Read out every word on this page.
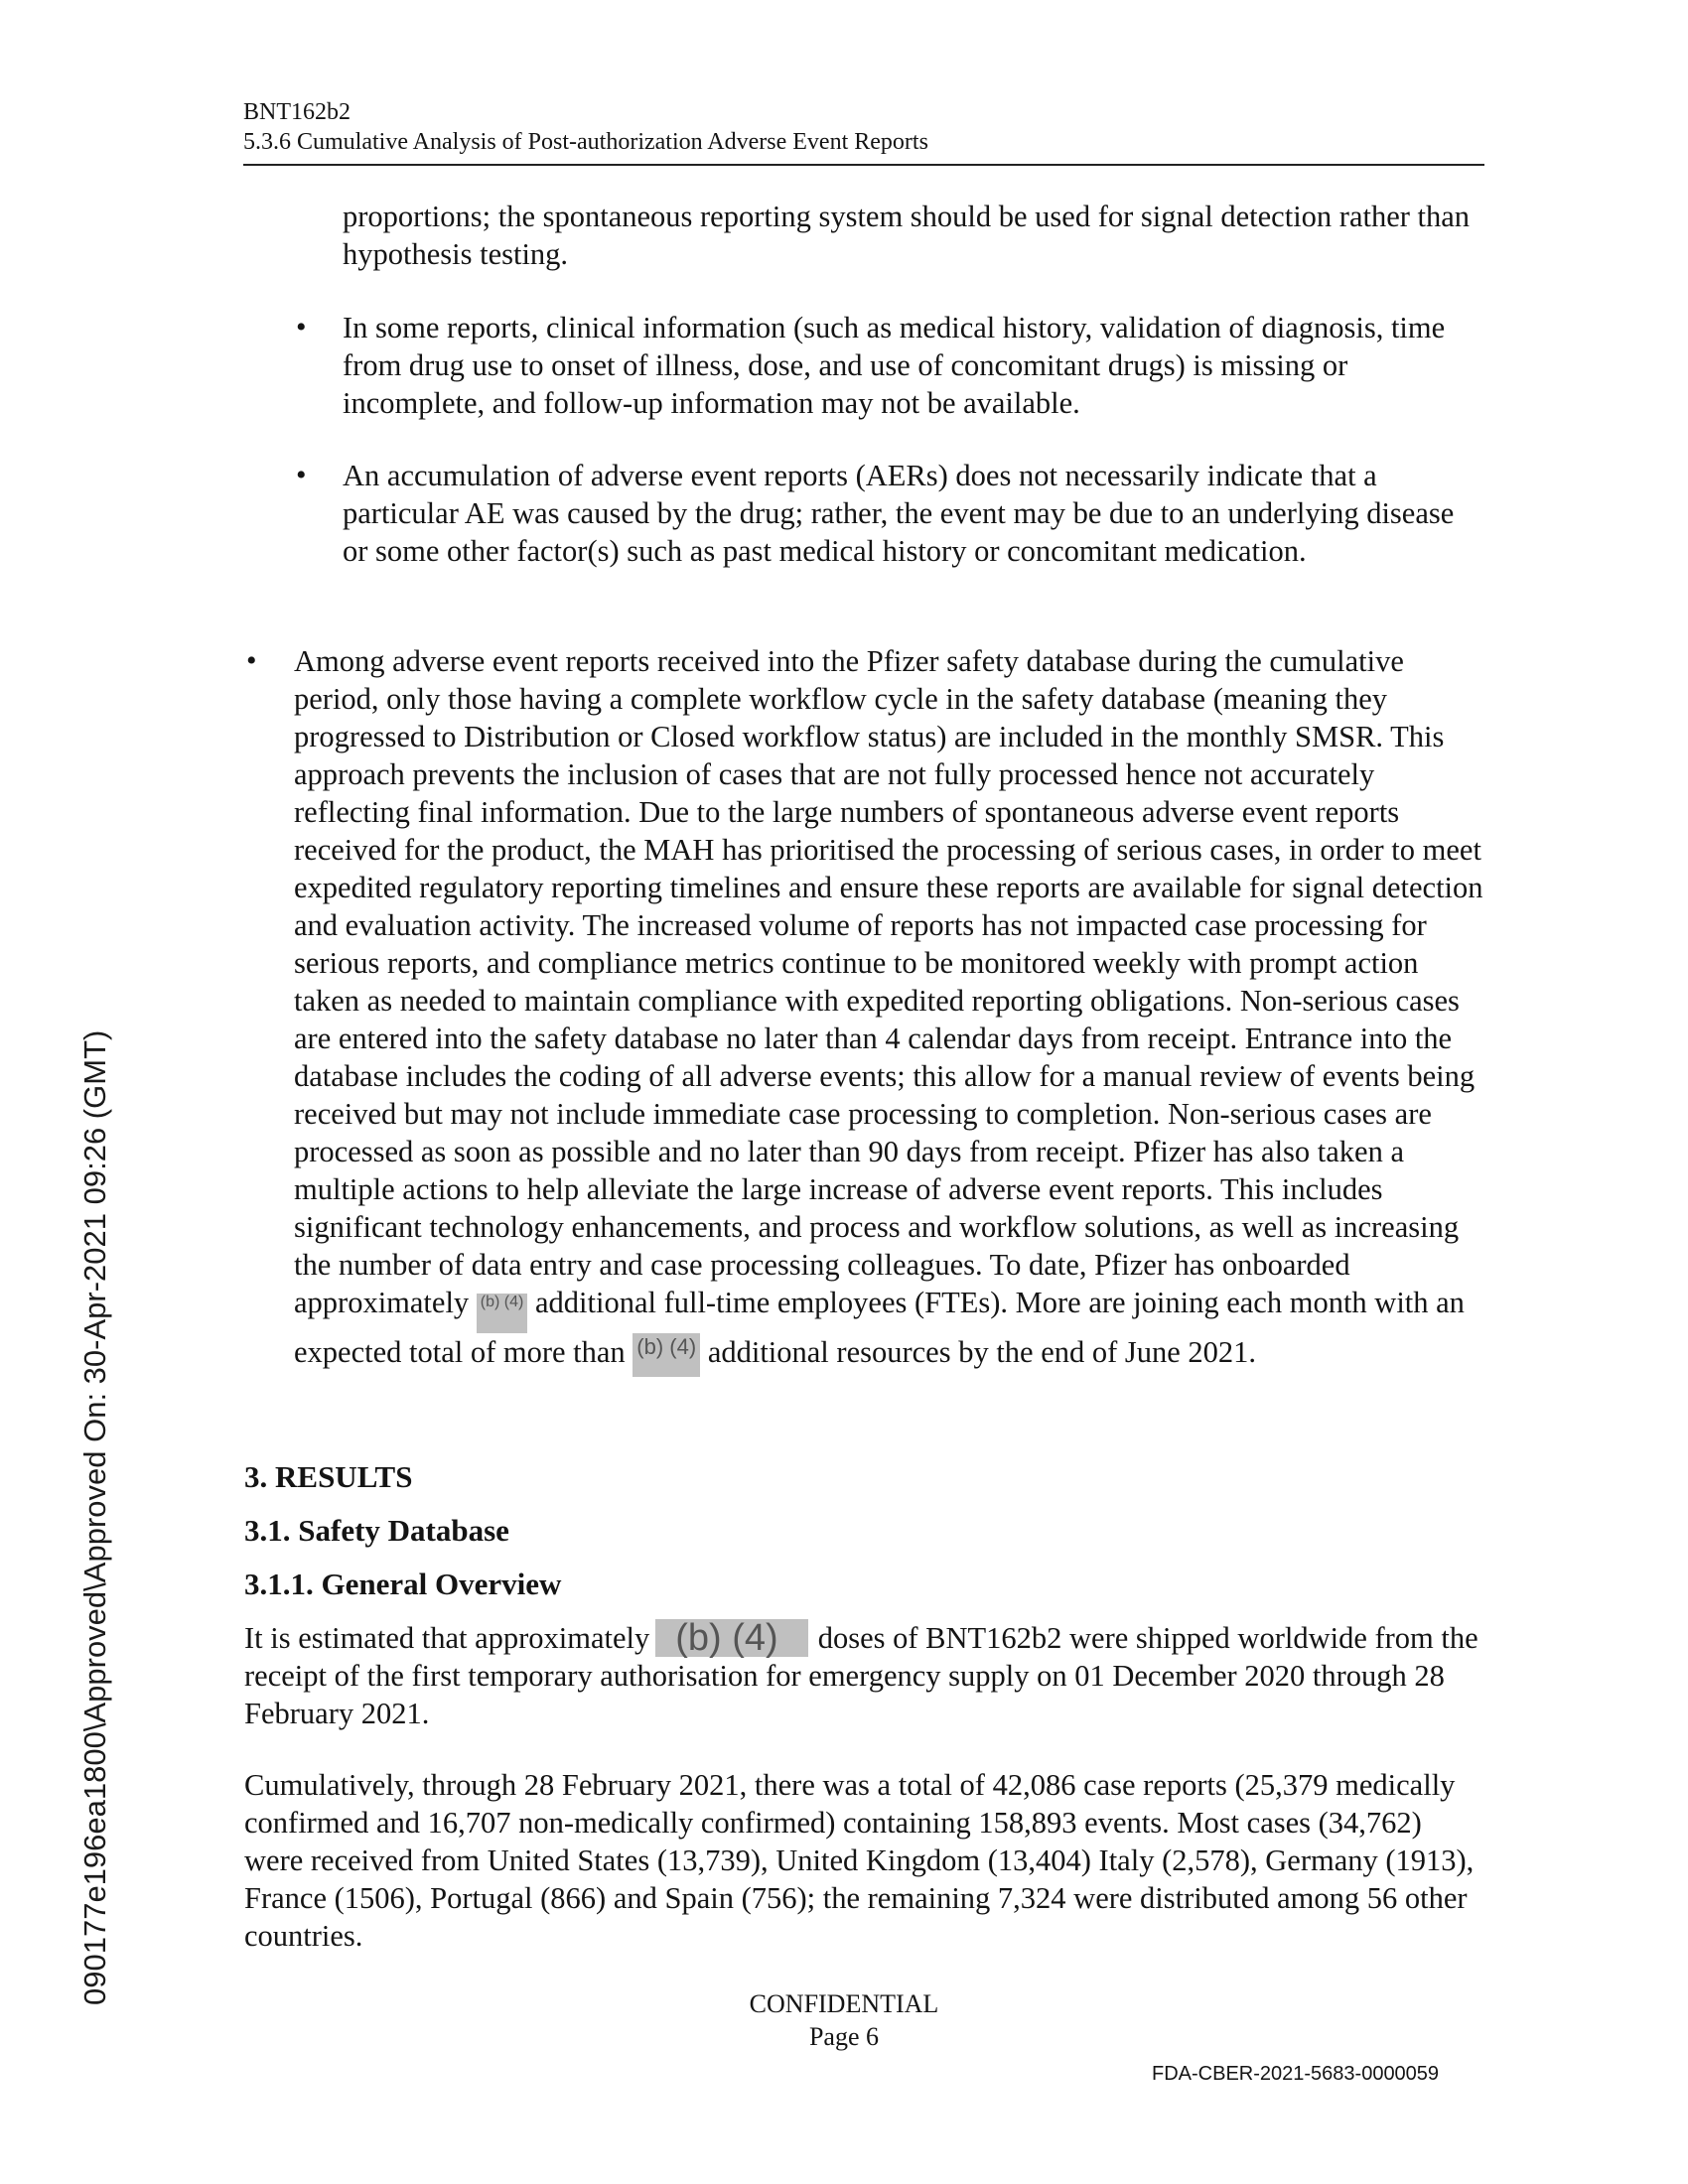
090177e196ea1800\Approved\Approved On: 30-Apr-2021 09:26 (GMT)
BNT162b2
5.3.6 Cumulative Analysis of Post-authorization Adverse Event Reports

proportions; the spontaneous reporting system should be used for signal detection rather than hypothesis testing.

• In some reports, clinical information (such as medical history, validation of diagnosis, time from drug use to onset of illness, dose, and use of concomitant drugs) is missing or incomplete, and follow-up information may not be available.

• An accumulation of adverse event reports (AERs) does not necessarily indicate that a particular AE was caused by the drug; rather, the event may be due to an underlying disease or some other factor(s) such as past medical history or concomitant medication.

• Among adverse event reports received into the Pfizer safety database during the cumulative period, only those having a complete workflow cycle in the safety database (meaning they progressed to Distribution or Closed workflow status) are included in the monthly SMSR. This approach prevents the inclusion of cases that are not fully processed hence not accurately reflecting final information. Due to the large numbers of spontaneous adverse event reports received for the product, the MAH has prioritised the processing of serious cases, in order to meet expedited regulatory reporting timelines and ensure these reports are available for signal detection and evaluation activity. The increased volume of reports has not impacted case processing for serious reports, and compliance metrics continue to be monitored weekly with prompt action taken as needed to maintain compliance with expedited reporting obligations. Non-serious cases are entered into the safety database no later than 4 calendar days from receipt. Entrance into the database includes the coding of all adverse events; this allow for a manual review of events being received but may not include immediate case processing to completion. Non-serious cases are processed as soon as possible and no later than 90 days from receipt. Pfizer has also taken a multiple actions to help alleviate the large increase of adverse event reports. This includes significant technology enhancements, and process and workflow solutions, as well as increasing the number of data entry and case processing colleagues. To date, Pfizer has onboarded approximately (b) (4) additional full-time employees (FTEs). More are joining each month with an expected total of more than (b) (4) additional resources by the end of June 2021.

3. RESULTS
3.1. Safety Database
3.1.1. General Overview

It is estimated that approximately (b) (4) doses of BNT162b2 were shipped worldwide from the receipt of the first temporary authorisation for emergency supply on 01 December 2020 through 28 February 2021.

Cumulatively, through 28 February 2021, there was a total of 42,086 case reports (25,379 medically confirmed and 16,707 non-medically confirmed) containing 158,893 events. Most cases (34,762) were received from United States (13,739), United Kingdom (13,404) Italy (2,578), Germany (1913), France (1506), Portugal (866) and Spain (756); the remaining 7,324 were distributed among 56 other countries.

CONFIDENTIAL
Page 6
FDA-CBER-2021-5683-0000059
